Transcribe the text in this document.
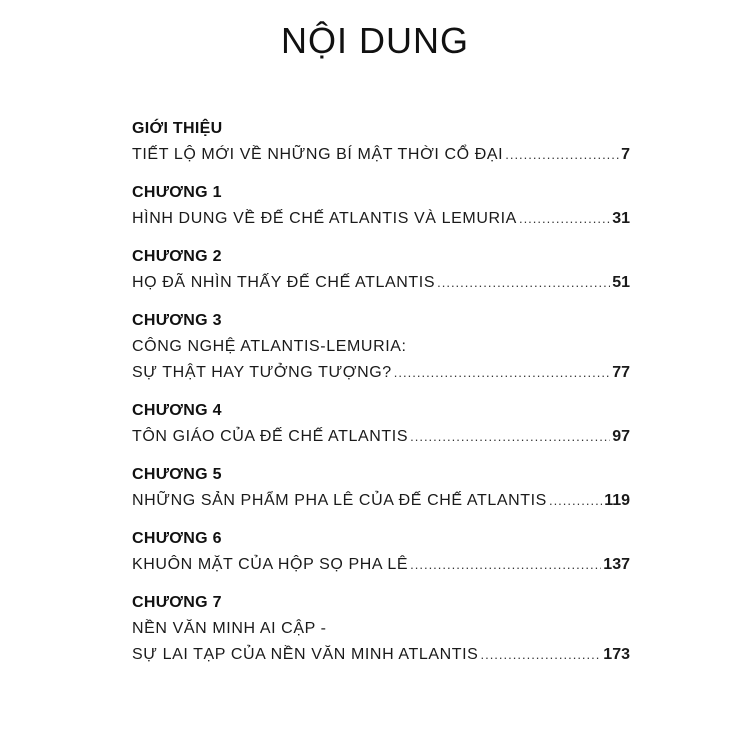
NỘI DUNG
GIỚI THIỆU
TIẾT LỘ MỚI VỀ NHỮNG BÍ MẬT THỜI CỔ ĐẠI .....	7
CHƯƠNG 1
HÌNH DUNG VỀ ĐẾ CHẾ ATLANTIS VÀ LEMURIA .....	31
CHƯƠNG 2
HỌ ĐÃ NHÌN THẤY ĐẾ CHẾ ATLANTIS .....	51
CHƯƠNG 3
CÔNG NGHỆ ATLANTIS-LEMURIA:
SỰ THẬT HAY TƯỞNG TƯỢNG? .....	77
CHƯƠNG 4
TÔN GIÁO CỦA ĐẾ CHẾ ATLANTIS .....	97
CHƯƠNG 5
NHỮNG SẢN PHẨM PHA LÊ CỦA ĐẾ CHẾ ATLANTIS .....	119
CHƯƠNG 6
KHUÔN MẶT CỦA HỘP SỌ PHA LÊ .....	137
CHƯƠNG 7
NỀN VĂN MINH AI CẬP -
SỰ LAI TẠP CỦA NỀN VĂN MINH ATLANTIS .....	173
